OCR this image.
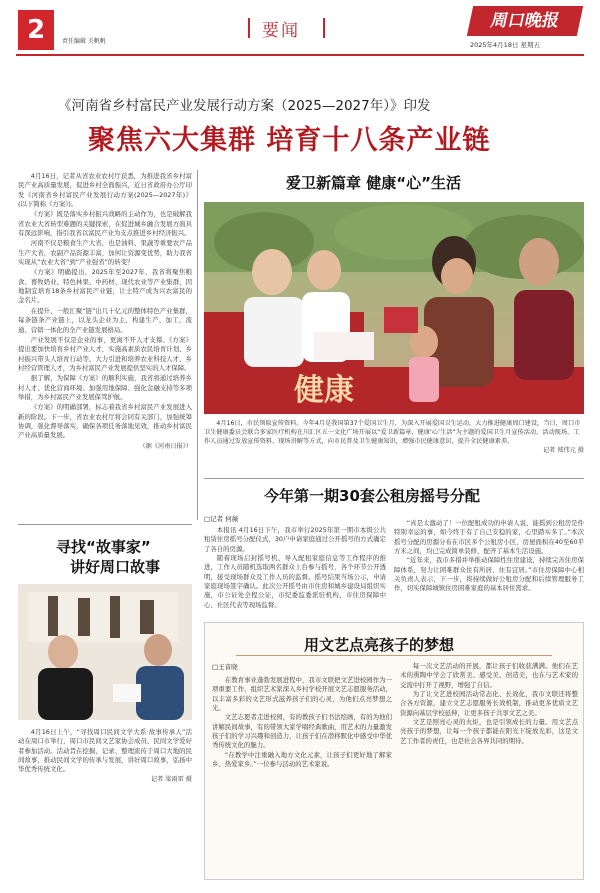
2	责任编辑 关帆帆
要闻	周口晚报
2025年4月18日 星期五
《河南省乡村富民产业发展行动方案（2025—2027年）》印发
聚焦六大集群 培育十八条产业链

4月16日，记者从省农业农村厅获悉，为推进我省乡村富民产业高质量发展，促进乡村全面振兴，近日省政府办公厅印发《河南省乡村富民产业发展行动方案(2025—2027年)》(以下简称《方案》)。

《方案》既是落实乡村振兴战略的主动作为，也是破解我省农业大省转型难题的关键探索，在促进城乡融合发展方面具有深远影响，指引我省以富民产业为支点推进乡村经济振兴。

河南不仅是粮食生产大省，也是油料、果蔬等重要农产品生产大省，农副产品资源丰富，加何让资源变优势，助力我省实现从“农业大省”到“产业强省”的转变？

《方案》明确提出，2025年至2027年，我省将聚焦粮食、畜牧奶业、特色林果、中药材、现代农业等产业集群，因地制宜培育18条乡村富民产业链，让土特产成为兴农富民的金名片。

在提升、一般汇聚“链”出几十亿元的整体特色产业集群，每条链条产业链上，以龙头企业为主，构建生产、加工、流通、营销一体化的全产业链发展格局。

产业发展不仅是企业的事，更离不开人才支撑。《方案》提出要加快培育乡村产业人才，实施高素质农民培育计划、乡村振兴带头人培育行动等，大力引进和培养农业科技人才、乡村经营管理人才，为乡村富民产业发展提供坚实的人才保障。

据了解，为保障《方案》的顺利实施，我省将通过培养乡村人才、优化营商环境、加强用地保障、强化金融支持等多项举措，为乡村富民产业发展保驾护航。

《方案》的明确部署，标志着我省乡村富民产业发展进入新的阶段。下一步，省农业农村厅将会同有关部门，加强统筹协调，强化督导落实，确保各项任务落地见效，推动乡村富民产业高质量发展。

（据《河南日报》）
爱卫新篇章 健康“心”生活
健康

4月16日，市民领取宣传资料。今年4月是我国第37个爱国卫生月，为深入开展爱国卫生运动，大力推进健康周口建设，当日，周口市卫生健康委员会联合多家医疗机构在川汇区五一文化广场开展以“爱卫新篇章，健康‘心’生活”为主题的爱国卫生月宣传活动，活动现场，工作人员通过发放宣传资料、现场讲解等方式，向市民普及卫生健康知识，增强市民健康意识，提升全民健康素养。

记者 郑伟元 摄
今年第一期30套公租房摇号分配
□记者 何薇

本报讯 4月16日下午，我市举行2025年第一期市本级公共租赁住房摇号分配仪式，30户申请家庭通过公开摇号的方式确定了各自的房源。

随着现场启封摇号机、导入配租家庭信息等工作程序的推进，工作人员随机选取两名群众上台参与摇号，各个环节公开透明，接受现场群众及工作人员的监督。摇号结果当场公示，申请家庭现场签字确认。此次公开摇号由市住房和城乡建设局组织实施，市公证处全程公证，市纪委监委派驻机构、市住房保障中心、社区代表等现场监督。

“真是太激动了！一位配租成功的申请人说，能摇到公租房是件特别幸运的事，如今终于有了自己安稳的家，心里踏实多了。”本次摇号分配的房源分布在市区多个公租房小区，房屋面积在40至60平方米之间，均已完成简单装修，配齐了基本生活设施。

“近年来，我市多措并举推动保障性住房建设，持续完善住房保障体系，努力让困难群众住有所居、住有宜居。”市住房保障中心相关负责人表示，下一步，将持续做好公租房分配和后续管理服务工作，切实保障城镇住房困难家庭的基本居住需求。

寻找“故事家”
讲好周口故事

4月16日上午，“寻找周口民间文学大系·故事传承人”活动在周口市举行，周口市民间文艺家协会成员、民间文学爱好者参加活动。活动旨在挖掘、记录、整理流传于周口大地的民间故事，推动民间文学的传承与发展，讲好周口故事，弘扬中华优秀传统文化。

记者 梁雨雷 摄
用文艺点亮孩子的梦想
□王音晓

在教育事业蓬勃发展进程中，我市文联把文艺进校园作为一项重要工作，组织艺术家深入乡村学校开展文艺志愿服务活动，以丰富多彩的文艺形式滋养孩子们的心灵，为他们点亮梦想之光。

文艺志愿者走进校园，有的教孩子们书法绘画，有的为他们讲解民间故事，有的带领大家学唱经典歌曲，用艺术的力量激发孩子们的学习兴趣和创造力，让孩子们在潜移默化中感受中华优秀传统文化的魅力。

“在教学中注重融入地方文化元素，让孩子们更好地了解家乡、热爱家乡。”一位参与活动的艺术家说。

每一次文艺活动的开展，都让孩子们收获满满。他们在艺术的熏陶中学会了欣赏美、感受美、创造美，也在与艺术家的交流中打开了视野，增强了自信。

为了让文艺进校园活动常态化、长效化，我市文联还将整合各方资源，建立文艺志愿服务长效机制，推动更多优质文艺资源向基层学校延伸，让更多孩子共享文艺之美。

文艺是照亮心灵的火炬，也是引领成长的力量。用文艺点亮孩子的梦想，让每一个孩子都能在阳光下绽放光彩，这是文艺工作者的责任，也是社会各界共同的期待。
